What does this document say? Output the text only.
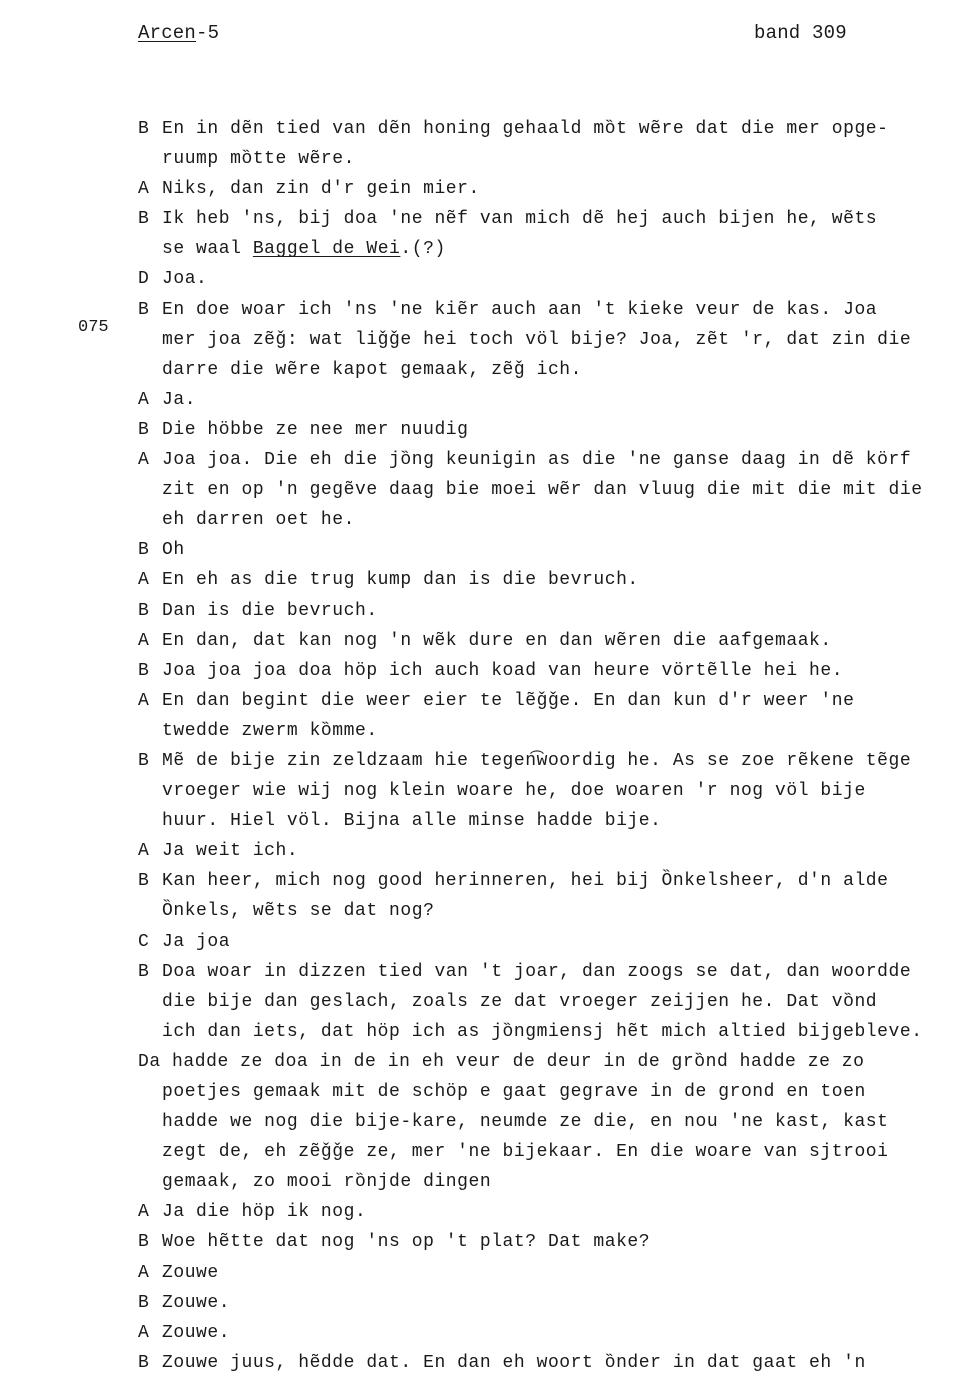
Arcen-5	band 309
075
B En in dẽn tied van dẽn honing gehaald mȍt wẽre dat die mer opge-
ruump mȍtte wẽre.
A Niks, dan zin d'r gein mier.
B Ik heb 'ns, bij doa 'ne nẽf van mich dẽ hej auch bijen he, wẽts
se waal Baggel de Wei.(?)
D Joa.
B En doe woar ich 'ns 'ne kiẽr auch aan 't kieke veur de kas. Joa
mer joa zẽǧ: wat liǧǧe hei toch völ bije? Joa, zẽt 'r, dat zin die
darre die wẽre kapot gemaak, zẽǧ ich.
A Ja.
B Die höbbe ze nee mer nuudig
A Joa joa. Die eh die jȍng keunigin as die 'ne ganse daag in dẽ körf
zit en op 'n gegẽve daag bie moei wẽr dan vluug die mit die mit die
eh darren oet he.
B Oh
A En eh as die trug kump dan is die bevruch.
B Dan is die bevruch.
A En dan, dat kan nog 'n wẽk dure en dan wẽren die aafgemaak.
B Joa joa joa doa höp ich auch koad van heure vörtẽlle hei he.
A En dan begint die weer eier te lẽǧǧe. En dan kun d'r weer 'ne
twedde zwerm kȍmme.
B Mẽ de bije zin zeldzaam hie tegen͡woordig he. As se zoe rẽkene tẽge
vroeger wie wij nog klein woare he, doe woaren 'r nog völ bije
huur. Hiel völ. Bijna alle minse hadde bije.
A Ja weit ich.
B Kan heer, mich nog good herinneren, hei bij Ȍnkelsheer, d'n alde
Ȍnkels, wẽts se dat nog?
C Ja joa
B Doa woar in dizzen tied van 't joar, dan zoogs se dat, dan woordde
die bije dan geslach, zoals ze dat vroeger zeijjen he. Dat vȍnd
ich dan iets, dat höp ich as jȍngmiensj hẽt mich altied bijgebleve.
Da hadde ze doa in de in eh veur de deur in de grȍnd hadde ze zo
poetjes gemaak mit de schöp e gaat gegrave in de grond en toen
hadde we nog die bije-kare, neumde ze die, en nou 'ne kast, kast
zegt de, eh zẽǧǧe ze, mer 'ne bijekaar. En die woare van sjtrooi
gemaak, zo mooi rȍnjde dingen
A Ja die höp ik nog.
B Woe hẽtte dat nog 'ns op 't plat? Dat make?
A Zouwe
B Zouwe.
A Zouwe.
B Zouwe juus, hẽdde dat. En dan eh woort ȍnder in dat gaat eh 'n
